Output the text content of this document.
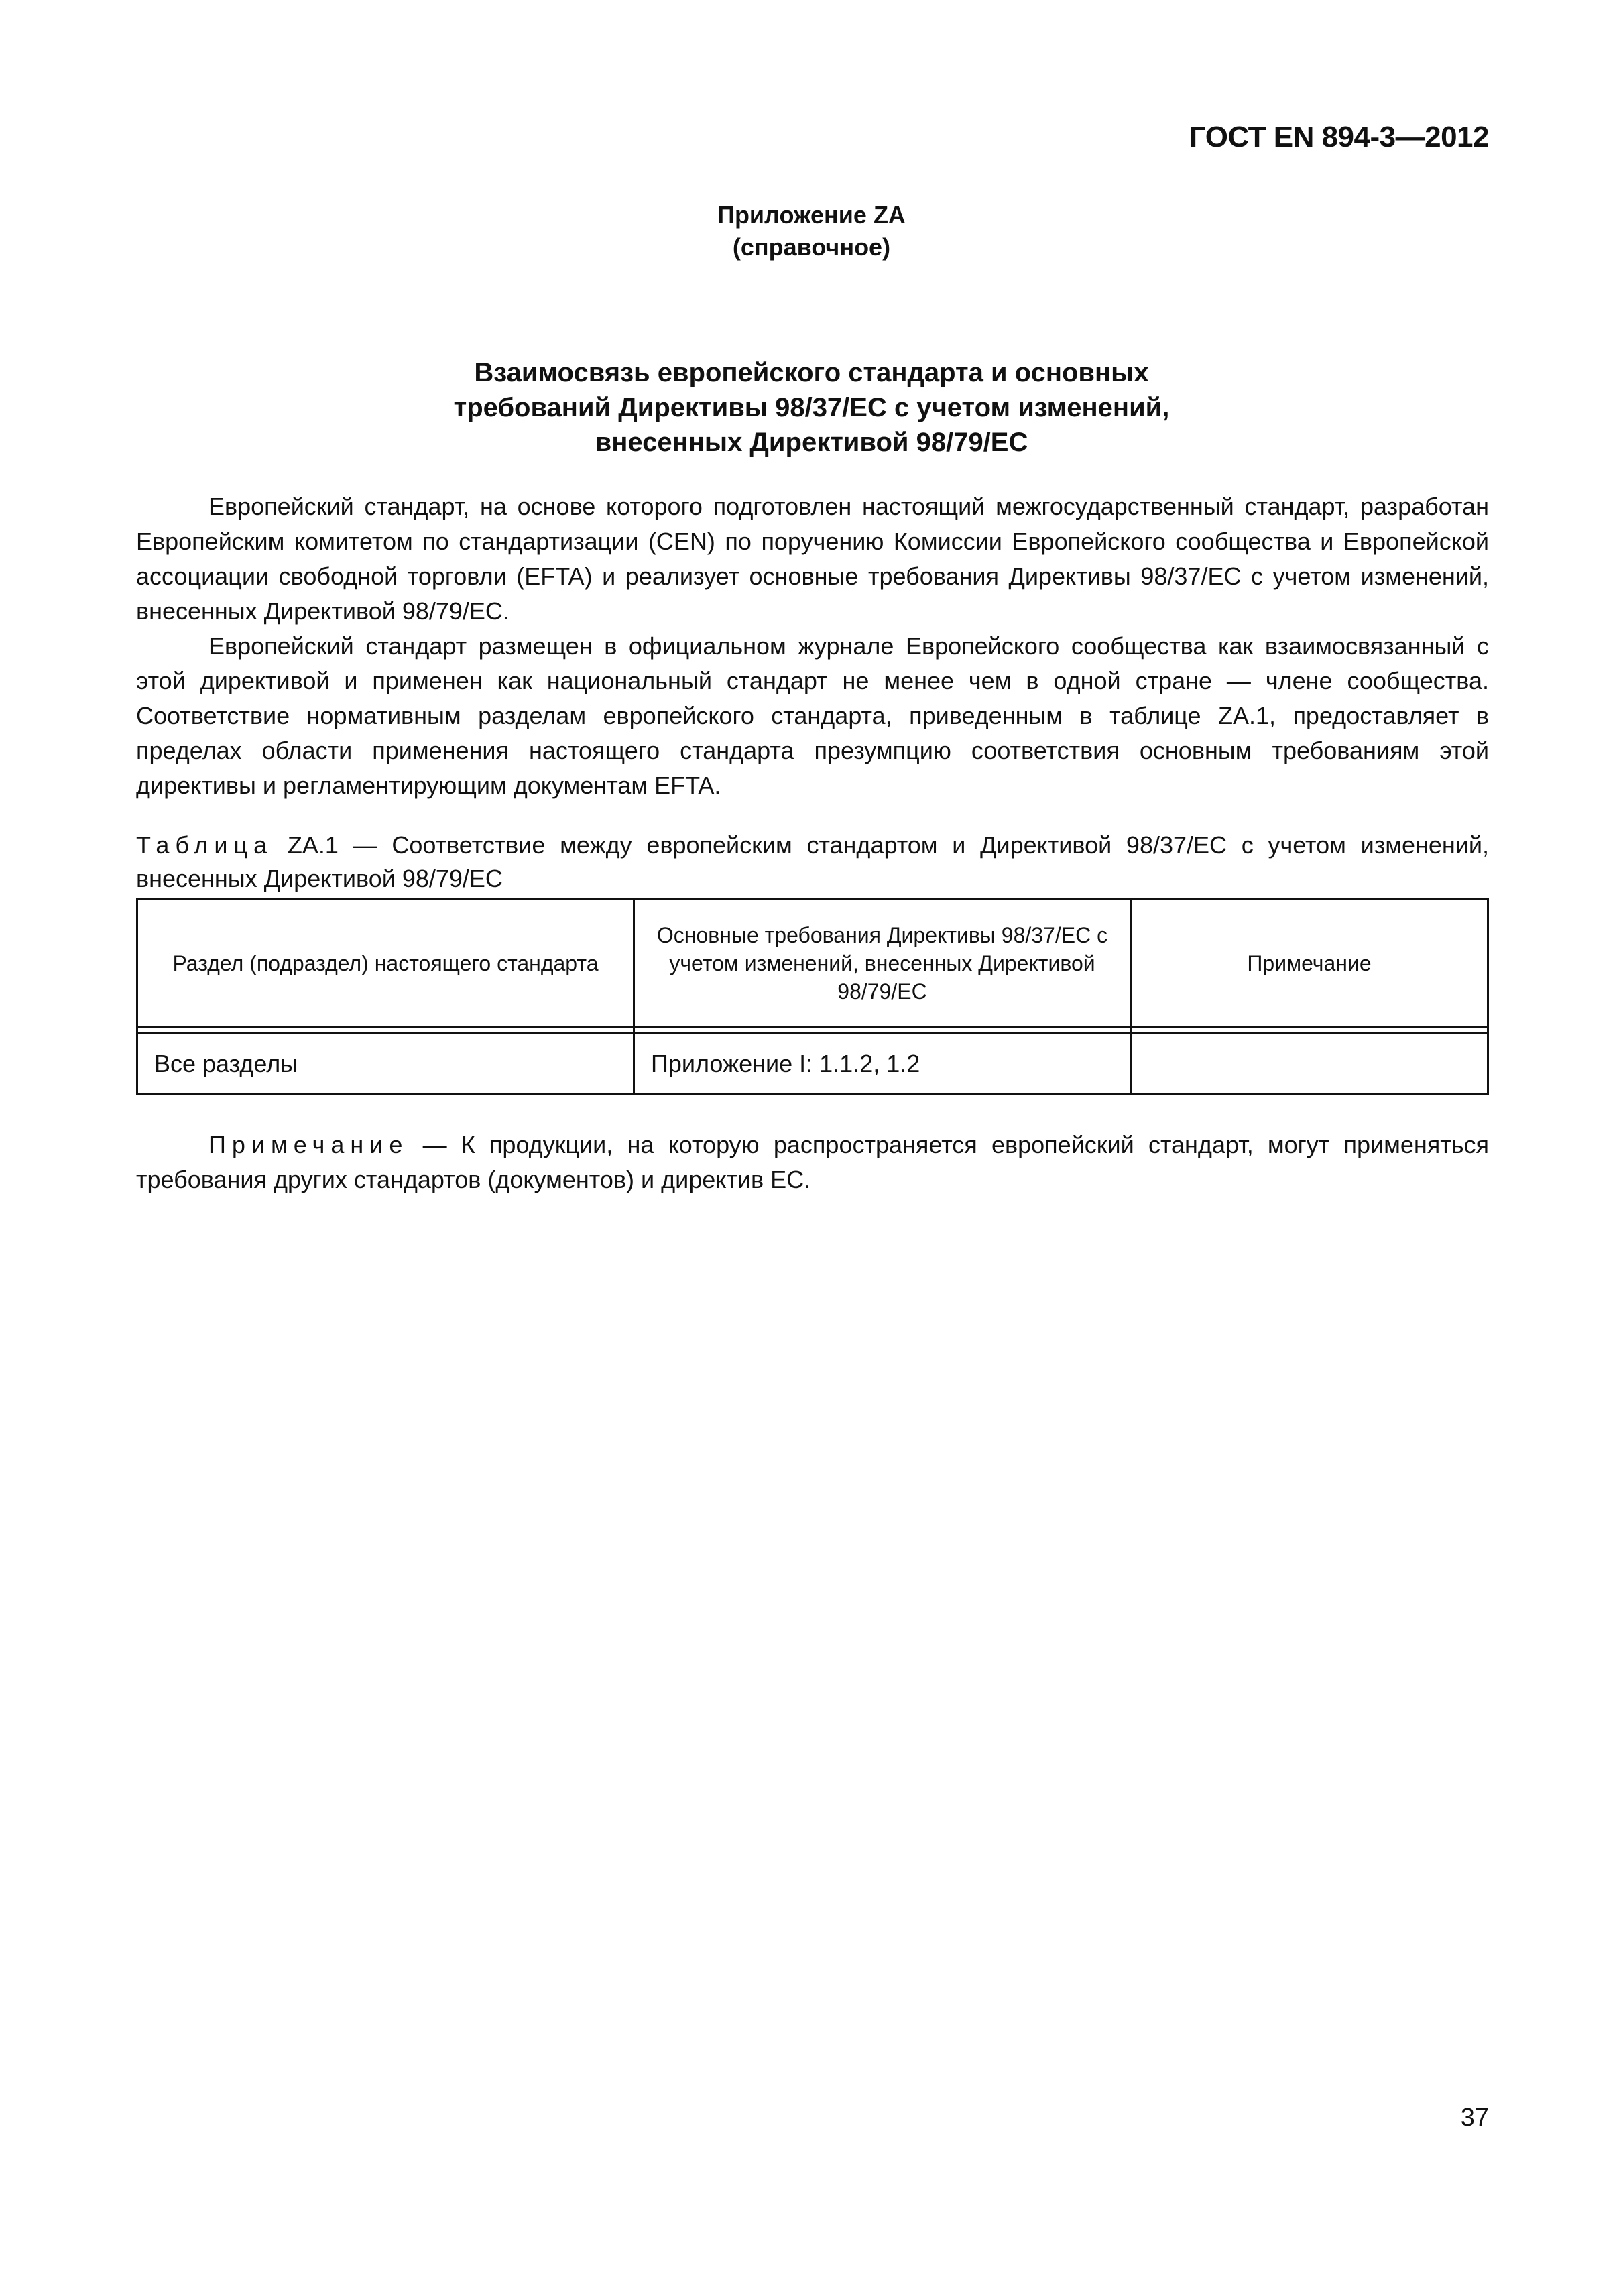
ГОСТ EN 894-3—2012
Приложение ZA
(справочное)
Взаимосвязь европейского стандарта и основных
требований Директивы 98/37/ЕС с учетом изменений,
внесенных Директивой 98/79/ЕС

Европейский стандарт, на основе которого подготовлен настоящий межгосударственный стандарт, разработан Европейским комитетом по стандартизации (CEN) по поручению Комиссии Европейского сообщества и Европейской ассоциации свободной торговли (EFTA) и реализует основные требования Директивы 98/37/ЕС с учетом изменений, внесенных Директивой 98/79/ЕС.

Европейский стандарт размещен в официальном журнале Европейского сообщества как взаимосвязанный с этой директивой и применен как национальный стандарт не менее чем в одной стране — члене сообщества. Соответствие нормативным разделам европейского стандарта, приведенным в таблице ZA.1, предоставляет в пределах области применения настоящего стандарта презумпцию соответствия основным требованиям этой директивы и регламентирующим документам EFTA.

Таблица ZA.1 — Соответствие между европейским стандартом и Директивой 98/37/ЕС с учетом изменений, внесенных Директивой 98/79/ЕС
Раздел (подраздел) настоящего стандарта	Основные требования Директивы 98/37/ЕС с учетом изменений, внесенных Директивой 98/79/ЕС	Примечание

Все разделы	Приложение I: 1.1.2, 1.2	
Примечание — К продукции, на которую распространяется европейский стандарт, могут применяться требования других стандартов (документов) и директив ЕС.
37
